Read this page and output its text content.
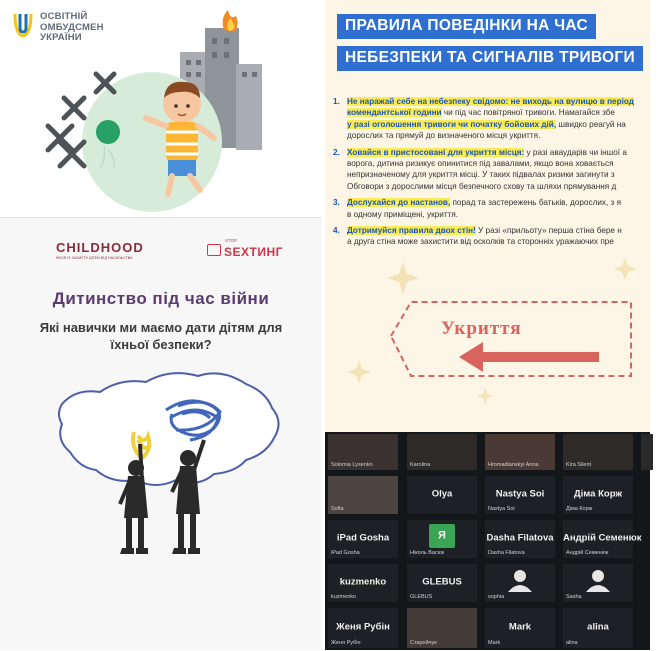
ОСВІТНІЙ
ОМБУДСМЕН
УКРАЇНИ
ПРАВИЛА ПОВЕДІНКИ НА ЧАС
НЕБЕЗПЕКИ ТА СИГНАЛІВ ТРИВОГИ
1. Не наражай себе на небезпеку свідомо: не виходь на вулицю в період
комендантської години чи під час повітряної тривоги. Намагайся збе
у разі оголошення тривоги чи початку бойових дій, швидко реагуй на
дорослих та прямуй до визначеного місця укриття.
2. Ховайся в пристосовані для укриття місця: у разі аваударів чи іншої а
ворога, дитина ризикує опинитися під завалами, якщо вона ховається
непризначеному для укриття місці. У таких підвалах ризики загинути з
Обговори з дорослими місця безпечного схову та шляхи прямування д
3. Дослухайся до настанов, порад та застережень батьків, дорослих, з я
в одному приміщені, укриття.
4. Дотримуйся правила двох стін! У разі «прильоту» перша стіна бере н
а друга стіна може захистити від осколків та сторонніх уражаючих пре
Укриття
CHILDHOOD
МІСІЯ ІЗ ЗАХИСТУ ДІТЕЙ ВІД НАСИЛЬСТВА
STOP
SEXТИНГ
Дитинство під час війни
Які навички ми маємо дати дітям для їхньої безпеки?
Solomia Lysenko	Karolina	Hromadianskyi Anna	Kira Silent
Sofia
Olya	Nastya Soi
Nastya Soi
Діма Корж
Діма Корж
iPad Gosha
iPad Gosha
Я
Ніколь Васюк
Dasha Filatova
Dasha Filatova
Андрій Семенюк
Андрій Семенюк
kuzmenko
kuzmenko
GLEBUS
GLEBUS	sophia	Sasha
Женя Рубін
Женя Рубін	Старойчук
Mark
Mark
alina
alina
